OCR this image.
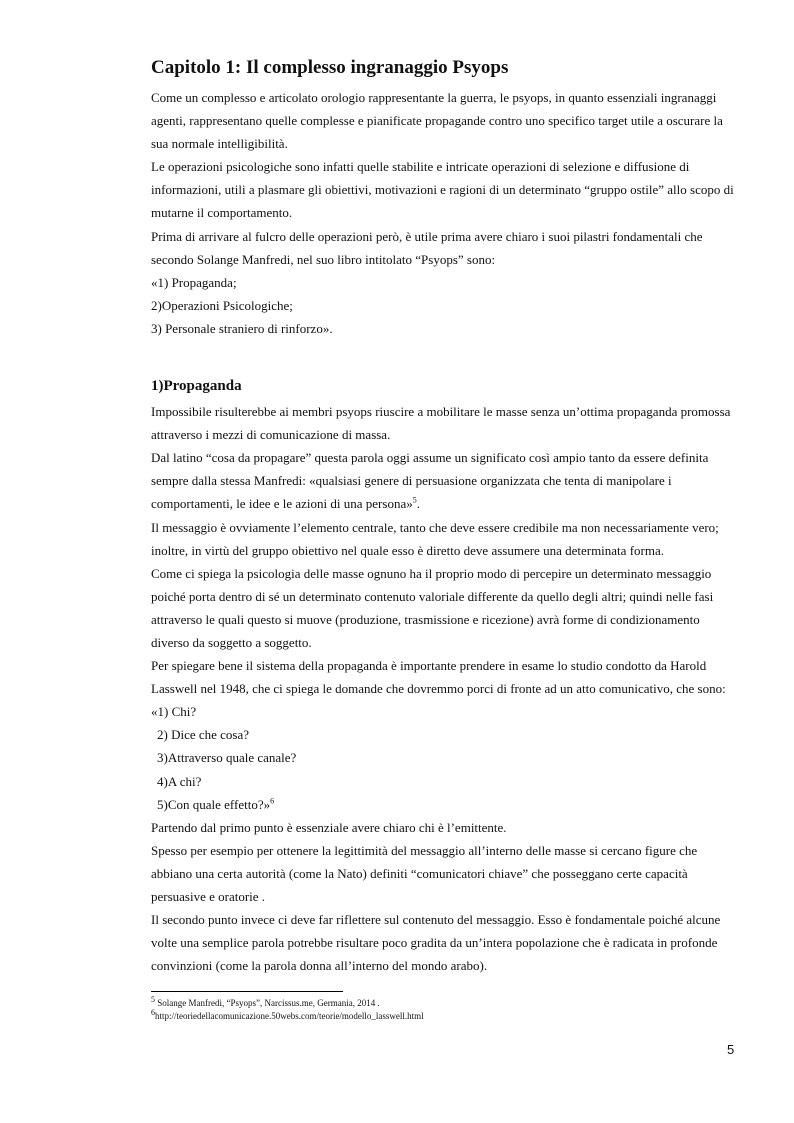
Capitolo 1: Il complesso ingranaggio Psyops

Come un complesso e articolato orologio rappresentante la guerra, le psyops, in quanto essenziali ingranaggi agenti, rappresentano quelle complesse e pianificate propagande contro uno specifico target utile a oscurare la sua normale intelligibilità.

Le operazioni psicologiche sono infatti quelle stabilite e intricate operazioni di selezione e diffusione di informazioni, utili a plasmare gli obiettivi, motivazioni e ragioni di un determinato “gruppo ostile” allo scopo di mutarne il comportamento.

Prima di arrivare al fulcro delle operazioni però, è utile prima avere chiaro i suoi pilastri fondamentali che secondo Solange Manfredi, nel suo libro intitolato “Psyops” sono:

«1) Propaganda;

2)Operazioni Psicologiche;

3) Personale straniero di rinforzo».

1)Propaganda

Impossibile risulterebbe ai membri psyops riuscire a mobilitare le masse senza un’ottima propaganda promossa attraverso i mezzi di comunicazione di massa.

Dal latino “cosa da propagare” questa parola oggi assume un significato così ampio tanto da essere definita sempre dalla stessa Manfredi: «qualsiasi genere di persuasione organizzata che tenta di manipolare i comportamenti, le idee e le azioni di una persona»$^5$.

Il messaggio è ovviamente l’elemento centrale, tanto che deve essere credibile ma non necessariamente vero; inoltre, in virtù del gruppo obiettivo nel quale esso è diretto deve assumere una determinata forma.

Come ci spiega la psicologia delle masse ognuno ha il proprio modo di percepire un determinato messaggio poiché porta dentro di sé un determinato contenuto valoriale differente da quello degli altri; quindi nelle fasi attraverso le quali questo si muove (produzione, trasmissione e ricezione) avrà forme di condizionamento diverso da soggetto a soggetto.

Per spiegare bene il sistema della propaganda è importante prendere in esame lo studio condotto da Harold Lasswell nel 1948, che ci spiega le domande che dovremmo porci di fronte ad un atto comunicativo, che sono:

«1) Chi?

2) Dice che cosa?

3)Attraverso quale canale?

4)A chi?

5)Con quale effetto?»$^6$

Partendo dal primo punto è essenziale avere chiaro chi è l’emittente.

Spesso per esempio per ottenere la legittimità del messaggio all’interno delle masse si cercano figure che abbiano una certa autorità (come la Nato) definiti “comunicatori chiave” che posseggano certe capacità persuasive e oratorie .

Il secondo punto invece ci deve far riflettere sul contenuto del messaggio. Esso è fondamentale poiché alcune volte una semplice parola potrebbe risultare poco gradita da un’intera popolazione che è radicata in profonde convinzioni (come la parola donna all’interno del mondo arabo).

$^5$ Solange Manfredi, “Psyops”, Narcissus.me, Germania, 2014 .

$^6$http://teoriedellacomunicazione.50webs.com/teorie/modello_lasswell.html

5
